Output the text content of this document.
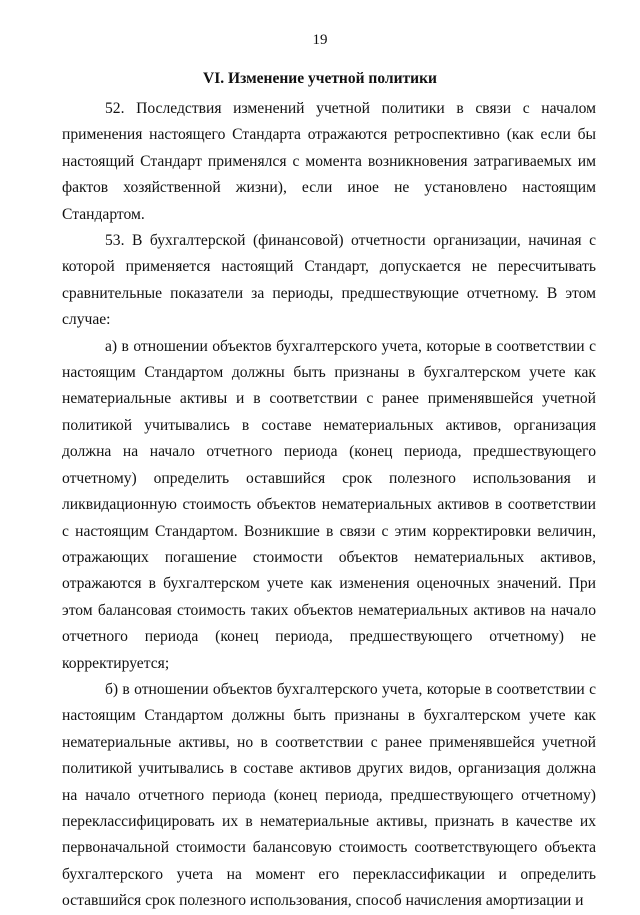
19
VI. Изменение учетной политики

52. Последствия изменений учетной политики в связи с началом применения настоящего Стандарта отражаются ретроспективно (как если бы настоящий Стандарт применялся с момента возникновения затрагиваемых им фактов хозяйственной жизни), если иное не установлено настоящим Стандартом.

53. В бухгалтерской (финансовой) отчетности организации, начиная с которой применяется настоящий Стандарт, допускается не пересчитывать сравнительные показатели за периоды, предшествующие отчетному. В этом случае:

а) в отношении объектов бухгалтерского учета, которые в соответствии с настоящим Стандартом должны быть признаны в бухгалтерском учете как нематериальные активы и в соответствии с ранее применявшейся учетной политикой учитывались в составе нематериальных активов, организация должна на начало отчетного периода (конец периода, предшествующего отчетному) определить оставшийся срок полезного использования и ликвидационную стоимость объектов нематериальных активов в соответствии с настоящим Стандартом. Возникшие в связи с этим корректировки величин, отражающих погашение стоимости объектов нематериальных активов, отражаются в бухгалтерском учете как изменения оценочных значений. При этом балансовая стоимость таких объектов нематериальных активов на начало отчетного периода (конец периода, предшествующего отчетному) не корректируется;

б) в отношении объектов бухгалтерского учета, которые в соответствии с настоящим Стандартом должны быть признаны в бухгалтерском учете как нематериальные активы, но в соответствии с ранее применявшейся учетной политикой учитывались в составе активов других видов, организация должна на начало отчетного периода (конец периода, предшествующего отчетному) переклассифицировать их в нематериальные активы, признать в качестве их первоначальной стоимости балансовую стоимость соответствующего объекта бухгалтерского учета на момент его переклассификации и определить оставшийся срок полезного использования, способ начисления амортизации и
